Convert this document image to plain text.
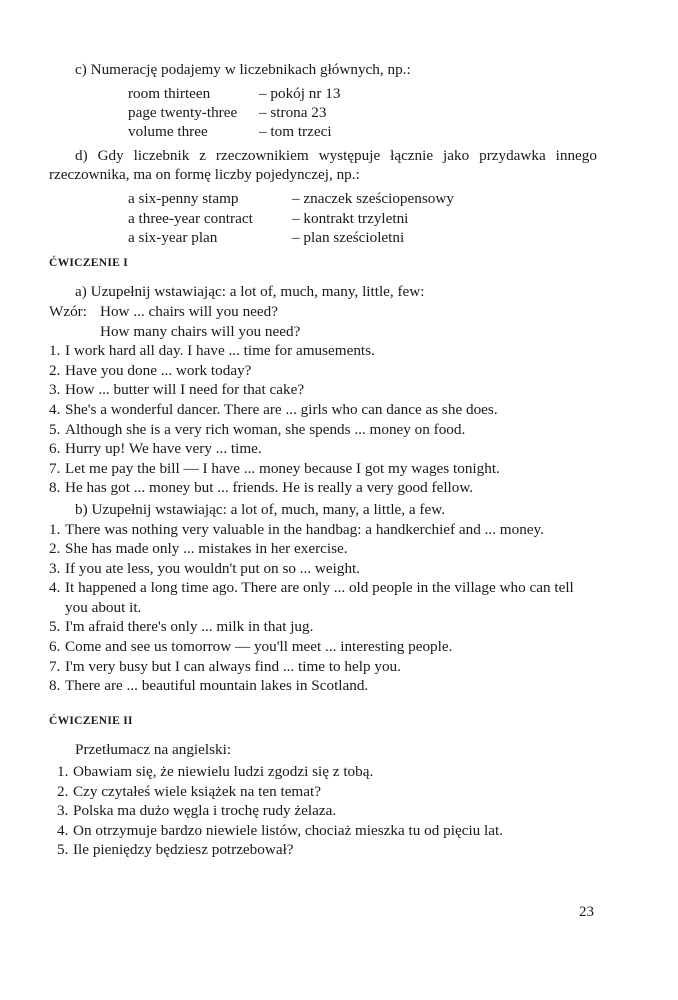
c) Numerację podajemy w liczebnikach głównych, np.:
room thirteen	– pokój nr 13
page twenty-three	– strona 23
volume three	– tom trzeci
d) Gdy liczebnik z rzeczownikiem występuje łącznie jako przydawka innego rzeczownika, ma on formę liczby pojedynczej, np.:
a six-penny stamp	– znaczek sześciopensowy
a three-year contract	– kontrakt trzyletni
a six-year plan	– plan sześcioletni
ĆWICZENIE I
a) Uzupełnij wstawiając: a lot of, much, many, little, few:
Wzór: How ... chairs will you need?
How many chairs will you need?
1. I work hard all day. I have ... time for amusements.
2. Have you done ... work today?
3. How ... butter will I need for that cake?
4. She's a wonderful dancer. There are ... girls who can dance as she does.
5. Although she is a very rich woman, she spends ... money on food.
6. Hurry up! We have very ... time.
7. Let me pay the bill — I have ... money because I got my wages tonight.
8. He has got ... money but ... friends. He is really a very good fellow.
b) Uzupełnij wstawiając: a lot of, much, many, a little, a few.
1. There was nothing very valuable in the handbag: a handkerchief and ... money.
2. She has made only ... mistakes in her exercise.
3. If you ate less, you wouldn't put on so ... weight.
4. It happened a long time ago. There are only ... old people in the village who can tell you about it.
5. I'm afraid there's only ... milk in that jug.
6. Come and see us tomorrow — you'll meet ... interesting people.
7. I'm very busy but I can always find ... time to help you.
8. There are ... beautiful mountain lakes in Scotland.
ĆWICZENIE II
Przetłumacz na angielski:
1. Obawiam się, że niewielu ludzi zgodzi się z tobą.
2. Czy czytałeś wiele książek na ten temat?
3. Polska ma dużo węgla i trochę rudy żelaza.
4. On otrzymuje bardzo niewiele listów, chociaż mieszka tu od pięciu lat.
5. Ile pieniędzy będziesz potrzebował?
23
